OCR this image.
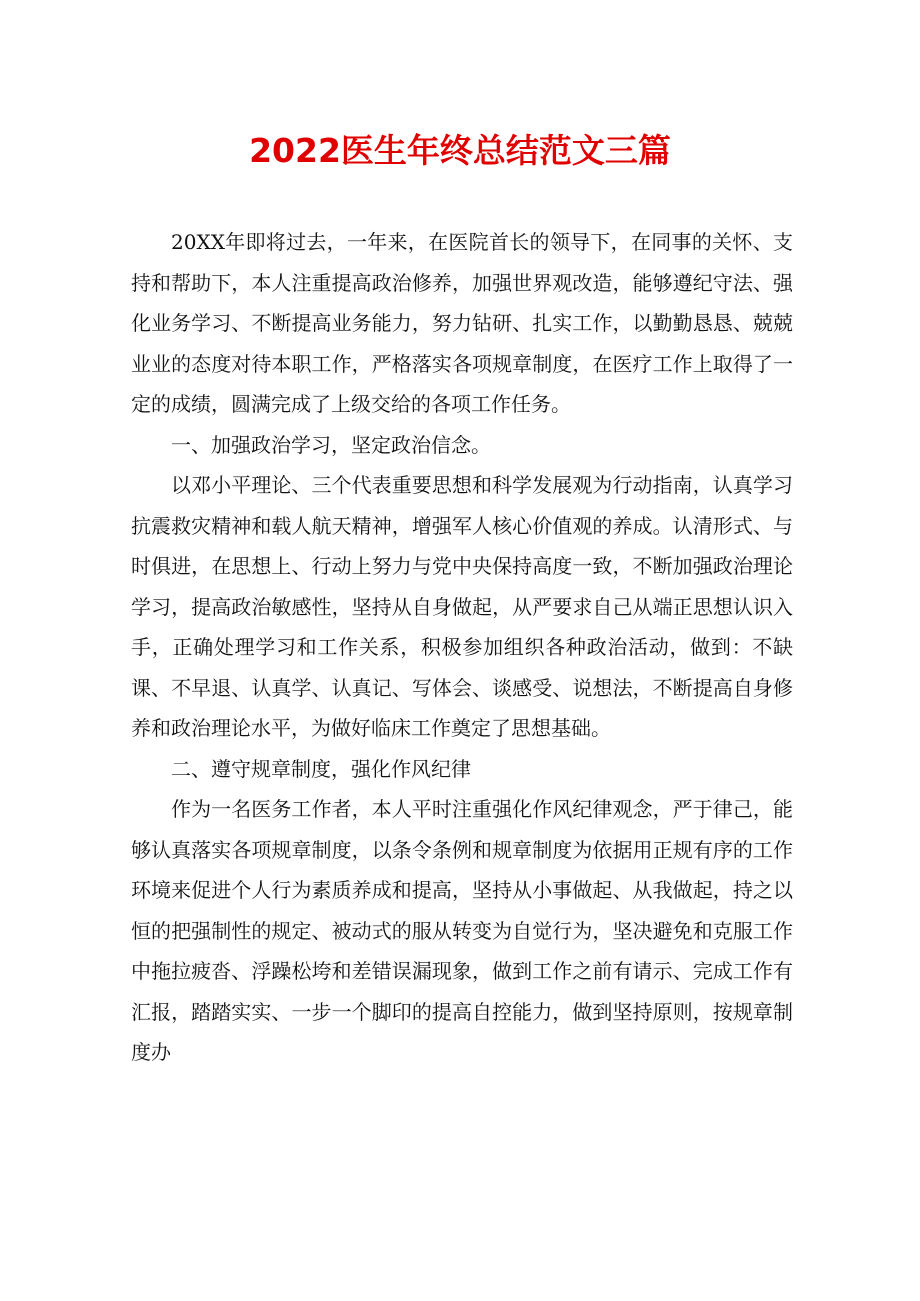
2022医生年终总结范文三篇

20XX年即将过去，一年来，在医院首长的领导下，在同事的关怀、支持和帮助下，本人注重提高政治修养，加强世界观改造，能够遵纪守法、强化业务学习、不断提高业务能力，努力钻研、扎实工作，以勤勤恳恳、兢兢业业的态度对待本职工作，严格落实各项规章制度，在医疗工作上取得了一定的成绩，圆满完成了上级交给的各项工作任务。

一、加强政治学习，坚定政治信念。

以邓小平理论、三个代表重要思想和科学发展观为行动指南，认真学习抗震救灾精神和载人航天精神，增强军人核心价值观的养成。认清形式、与时俱进，在思想上、行动上努力与党中央保持高度一致，不断加强政治理论学习，提高政治敏感性，坚持从自身做起，从严要求自己从端正思想认识入手，正确处理学习和工作关系，积极参加组织各种政治活动，做到：不缺课、不早退、认真学、认真记、写体会、谈感受、说想法，不断提高自身修养和政治理论水平，为做好临床工作奠定了思想基础。

二、遵守规章制度，强化作风纪律

作为一名医务工作者，本人平时注重强化作风纪律观念，严于律己，能够认真落实各项规章制度，以条令条例和规章制度为依据用正规有序的工作环境来促进个人行为素质养成和提高，坚持从小事做起、从我做起，持之以恒的把强制性的规定、被动式的服从转变为自觉行为，坚决避免和克服工作中拖拉疲沓、浮躁松垮和差错误漏现象，做到工作之前有请示、完成工作有汇报，踏踏实实、一步一个脚印的提高自控能力，做到坚持原则，按规章制度办
